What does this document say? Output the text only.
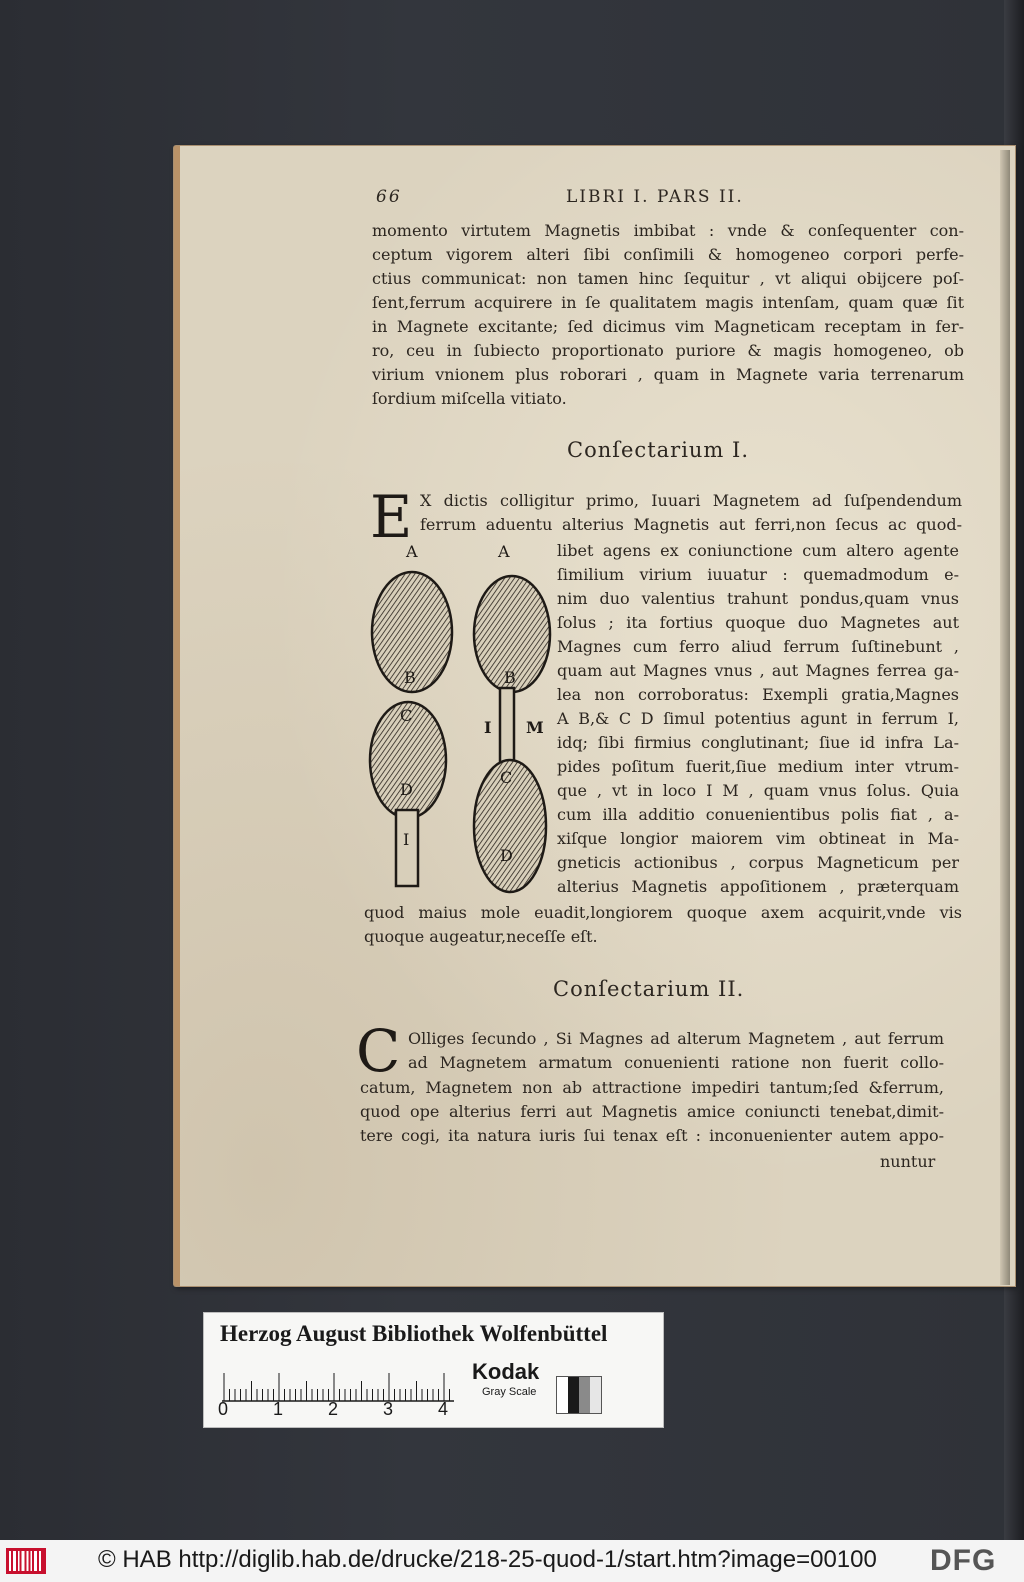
66	LIBRI I. PARS II.
momento virtutem Magnetis imbibat : vnde & conſequenter con-
ceptum vigorem alteri ſibi conſimili & homogeneo corpori perfe-
ctius communicat: non tamen hinc ſequitur , vt aliqui obijcere poſ-
ſent,ferrum acquirere in ſe qualitatem magis intenſam, quam quæ ſit
in Magnete excitante; ſed dicimus vim Magneticam receptam in fer-
ro, ceu in ſubiecto proportionato puriore & magis homogeneo, ob
virium vnionem plus roborari , quam in Magnete varia terrenarum
ſordium miſcella vitiato.
Conſectarium I.
E X dictis colligitur primo, Iuuari Magnetem ad ſuſpendendum
ferrum aduentu alterius Magnetis aut ferri,non ſecus ac quod-
libet agens ex coniunctione cum altero agente
ſimilium virium iuuatur : quemadmodum e-
nim duo valentius trahunt pondus,quam vnus
ſolus ; ita fortius quoque duo Magnetes aut
Magnes cum ferro aliud ferrum ſuſtinebunt ,
quam aut Magnes vnus , aut Magnes ferrea ga-
lea non corroboratus: Exempli gratia,Magnes
A B,& C D ſimul potentius agunt in ferrum I,
idq; ſibi firmius conglutinant; ſiue id infra La-
pides poſitum fuerit,ſiue medium inter vtrum-
que , vt in loco I M , quam vnus ſolus. Quia
cum illa additio conuenientibus polis fiat , a-
xiſque longior maiorem vim obtineat in Ma-
gneticis actionibus , corpus Magneticum per
alterius Magnetis appoſitionem , præterquam
quod maius mole euadit,longiorem quoque axem acquirit,vnde vis
quoque augeatur,neceſſe eſt.
A	A
B
C
D
I
B
I M
C
D
Conſectarium II.
C Olliges ſecundo , Si Magnes ad alterum Magnetem , aut ferrum
ad Magnetem armatum conuenienti ratione non fuerit collo-
catum, Magnetem non ab attractione impediri tantum;ſed &ferrum,
quod ope alterius ferri aut Magnetis amice coniuncti tenebat,dimit-
tere cogi, ita natura iuris ſui tenax eſt : inconuenienter autem appo-
nuntur
Herzog August Bibliothek Wolfenbüttel
0 1 2 3 4
Kodak
Gray Scale
© HAB http://diglib.hab.de/drucke/218-25-quod-1/start.htm?image=00100 DFG
